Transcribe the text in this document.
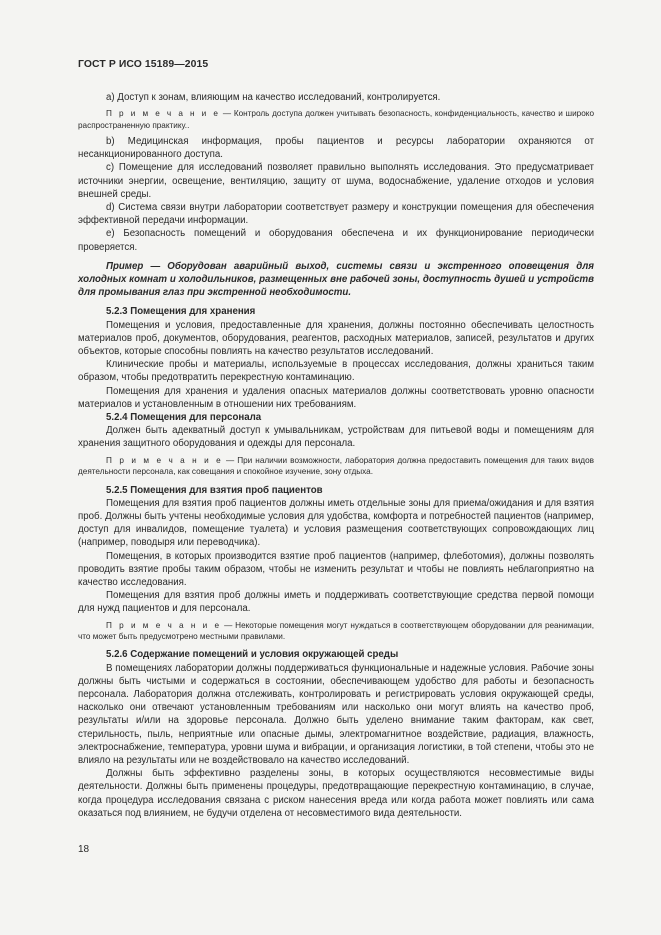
ГОСТ Р ИСО 15189—2015

a) Доступ к зонам, влияющим на качество исследований, контролируется.

П р и м е ч а н и е — Контроль доступа должен учитывать безопасность, конфиденциальность, качество и широко распространенную практику..

b) Медицинская информация, пробы пациентов и ресурсы лаборатории охраняются от несанкционированного доступа.

c) Помещение для исследований позволяет правильно выполнять исследования. Это предусматривает источники энергии, освещение, вентиляцию, защиту от шума, водоснабжение, удаление отходов и условия внешней среды.

d) Система связи внутри лаборатории соответствует размеру и конструкции помещения для обеспечения эффективной передачи информации.

e) Безопасность помещений и оборудования обеспечена и их функционирование периодически проверяется.

Пример — Оборудован аварийный выход, системы связи и экстренного оповещения для холодных комнат и холодильников, размещенных вне рабочей зоны, доступность душей и устройств для промывания глаз при экстренной необходимости.

5.2.3 Помещения для хранения

Помещения и условия, предоставленные для хранения, должны постоянно обеспечивать целостность материалов проб, документов, оборудования, реагентов, расходных материалов, записей, результатов и других объектов, которые способны повлиять на качество результатов исследований.

Клинические пробы и материалы, используемые в процессах исследования, должны храниться таким образом, чтобы предотвратить перекрестную контаминацию.

Помещения для хранения и удаления опасных материалов должны соответствовать уровню опасности материалов и установленным в отношении них требованиям.

5.2.4 Помещения для персонала

Должен быть адекватный доступ к умывальникам, устройствам для питьевой воды и помещениям для хранения защитного оборудования и одежды для персонала.

П р и м е ч а н и е — При наличии возможности, лаборатория должна предоставить помещения для таких видов деятельности персонала, как совещания и спокойное изучение, зону отдыха.

5.2.5 Помещения для взятия проб пациентов

Помещения для взятия проб пациентов должны иметь отдельные зоны для приема/ожидания и для взятия проб. Должны быть учтены необходимые условия для удобства, комфорта и потребностей пациентов (например, доступ для инвалидов, помещение туалета) и условия размещения соответствующих сопровождающих лиц (например, поводыря или переводчика).

Помещения, в которых производится взятие проб пациентов (например, флеботомия), должны позволять проводить взятие пробы таким образом, чтобы не изменить результат и чтобы не повлиять неблагоприятно на качество исследования.

Помещения для взятия проб должны иметь и поддерживать соответствующие средства первой помощи для нужд пациентов и для персонала.

П р и м е ч а н и е — Некоторые помещения могут нуждаться в соответствующем оборудовании для реанимации, что может быть предусмотрено местными правилами.

5.2.6 Содержание помещений и условия окружающей среды

В помещениях лаборатории должны поддерживаться функциональные и надежные условия. Рабочие зоны должны быть чистыми и содержаться в состоянии, обеспечивающем удобство для работы и безопасность персонала. Лаборатория должна отслеживать, контролировать и регистрировать условия окружающей среды, насколько они отвечают установленным требованиям или насколько они могут влиять на качество проб, результаты и/или на здоровье персонала. Должно быть уделено внимание таким факторам, как свет, стерильность, пыль, неприятные или опасные дымы, электромагнитное воздействие, радиация, влажность, электроснабжение, температура, уровни шума и вибрации, и организация логистики, в той степени, чтобы это не влияло на результаты или не воздействовало на качество исследований.

Должны быть эффективно разделены зоны, в которых осуществляются несовместимые виды деятельности. Должны быть применены процедуры, предотвращающие перекрестную контаминацию, в случае, когда процедура исследования связана с риском нанесения вреда или когда работа может повлиять или сама оказаться под влиянием, не будучи отделена от несовместимого вида деятельности.

18
